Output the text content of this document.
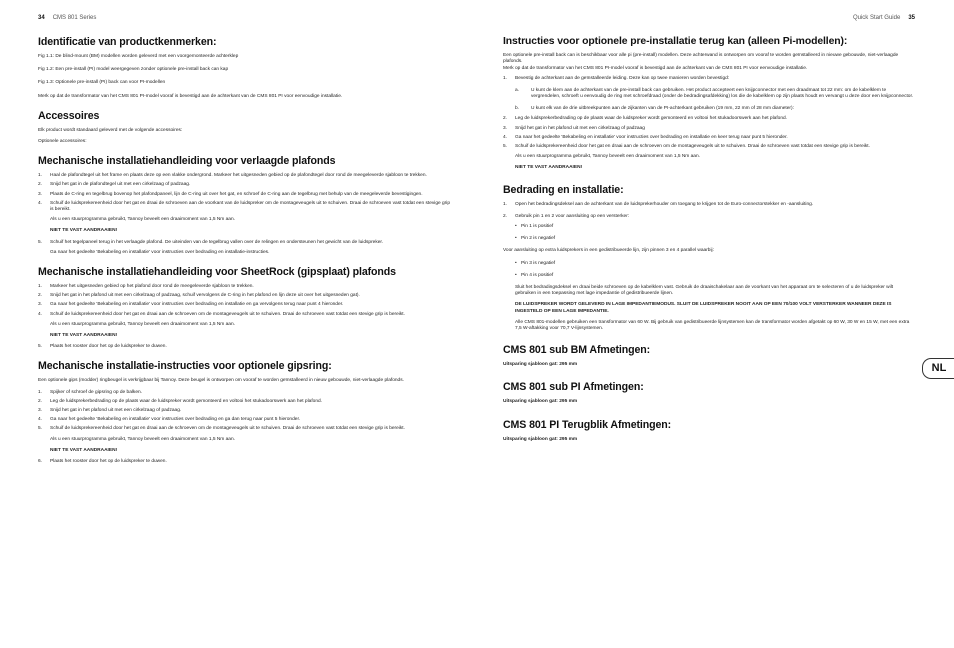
34 CMS 801 Series	Quick Start Guide 35
NL
Identificatie van productkenmerken:

Fig 1.1: De blind-mount (BM) modellen worden geleverd met een voorgemonteerde achterklep

Fig 1.2: Een pre-install (PI) model weergegeven zonder optionele pre-install back can kap

Fig 1.3: Optionele pre-install (PI) back can voor PI-modellen

Merk op dat de transformator van het CMS 801 PI-model vooraf is bevestigd aan de achterkant van de CMS 801 PI voor eenvoudige installatie.

Accessoires

Elk product wordt standaard geleverd met de volgende accessoires:

Optionele accessoires:

Mechanische installatiehandleiding voor verlaagde plafonds
1. Haal de plafondtegel uit het frame en plaats deze op een vlakke ondergrond. Markeer het uitgesneden gebied op de plafondtegel door rond de meegeleverde sjabloon te trekken.
2. Snijd het gat in de plafondtegel uit met een cirkelzaag of padzaag.
3. Plaats de C-ring en tegelbrug bovenop het plafondpaneel, lijn de C-ring uit over het gat, en schroef de C-ring aan de tegelbrug met behulp van de meegeleverde bevestigingen.
4. Schuif de luidsprekereenheid door het gat en draai de schroeven aan de voorkant van de luidspreker om de montageveugels uit te schuiven. Draai de schroeven vast totdat een stevige grip is bereikt.
Als u een stuurprogramma gebruikt, Tannoy beveelt een draaimoment van 1,5 Nm aan.
NIET TE VAST AANDRAAIEN!
5. Schuif het tegelpaneel terug in het verlaagde plafond. De uiteinden van de tegelbrug vallen over de relingen en ondersteunen het gewicht van de luidspreker.
Ga naar het gedeelte 'Bekabeling en installatie' voor instructies over bedrading en installatie-instructies.
Mechanische installatiehandleiding voor SheetRock (gipsplaat) plafonds
1. Markeer het uitgesneden gebied op het plafond door rond de meegeleverde sjabloon te trekken.
2. Snijd het gat in het plafond uit met een cirkelzaag of padzaag, schuif vervolgens de C-ring in het plafond en lijn deze uit over het uitgesneden gat).
3. Ga naar het gedeelte 'Bekabeling en installatie' voor instructies over bedrading en installatie en ga vervolgens terug naar punt 4 hieronder.
4. Schuif de luidsprekereenheid door het gat en draai aan de schroeven om de montageveugels uit te schuiven. Draai de schroeven vast totdat een stevige grip is bereikt.
Als u een stuurprogramma gebruikt, Tannoy beveelt een draaimoment van 1,5 Nm aan.
NIET TE VAST AANDRAAIEN!
5. Plaats het rooster door het op de luidspreker te duwen.
Mechanische installatie-instructies voor optionele gipsring:

Een optionele gips (modder) ringbeugel is verkrijgbaar bij Tannoy. Deze beugel is ontworpen om vooraf te worden geïnstalleerd in nieuw gebouwde, niet-verlaagde plafonds.

1. Spijker of schroef de gipsring op de balken.
2. Leg de luidsprekerbedrading op de plaats waar de luidspreker wordt gemonteerd en voltooi het stukadoorswerk aan het plafond.
3. Snijd het gat in het plafond uit met een cirkelzaag of padzaag.
4. Ga naar het gedeelte 'Bekabeling en installatie' voor instructies over bedrading en ga dan terug naar punt 5 hieronder.
5. Schuif de luidsprekereenheid door het gat en draai aan de schroeven om de montageveugels uit te schuiven. Draai de schroeven vast totdat een stevige grip is bereikt.
Als u een stuurprogramma gebruikt, Tannoy beveelt een draaimoment van 1,5 Nm aan.
NIET TE VAST AANDRAAIEN!
6. Plaats het rooster door het op de luidspreker te duwen.
Instructies voor optionele pre-installatie terug kan (alleen Pi-modellen):

Een optionele pre-install back can is beschikbaar voor alle pi (pre-install) modellen. Deze achterwand is ontworpen om vooraf te worden geïnstalleerd in nieuwe gebouwde, niet-verlaagde plafonds.

Merk op dat de transformator van het CMS 801 PI-model vooraf is bevestigd aan de achterkant van de CMS 801 PI voor eenvoudige installatie.

1. Bevestig de achterkant aan de geïnstalleerde leiding. Deze kan op twee manieren worden bevestigd:
a. U kunt de klem aan de achterkant van de pre-install back can gebruiken. Het product accepteert een knijpconnector met een draadmaat tot 22 mm: om de kabelklem te vergrendelen, schroeft u eenvoudig de ring met schroefdraad (onder de bedradingsafdekking) los die de kabelklem op zijn plaats houdt en vervangt u deze door een knijpconnector.
b. U kunt elk van de drie uitbreekpunten aan de zijkanten van de PI-achterkant gebruiken (19 mm, 22 mm of 28 mm diameter):
2. Leg de luidsprekerbedrading op de plaats waar de luidspreker wordt gemonteerd en voltooi het stukadoorswerk aan het plafond.
3. Snijd het gat in het plafond uit met een cirkelzaag of padzaag
4. Ga naar het gedeelte 'Bekabeling en installatie' voor instructies over bedrading en installatie en keer terug naar punt 5 hieronder.
5. Schuif de luidsprekereenheid door het gat en draai aan de schroeven om de montageveugels uit te schuiven. Draai de schroeven vast totdat een stevige grip is bereikt.
Als u een stuurprogramma gebruikt, Tannoy beveelt een draaimoment van 1,5 Nm aan.
NIET TE VAST AANDRAAIEN!
Bedrading en installatie:
1. Open het bedradingsdeksel aan de achterkant van de luidsprekerhouder om toegang te krijgen tot de Euro-connectorstekker en -aansluiting.
2. Gebruik pin 1 en 2 voor aansluiting op een versterker:
• Pin 1 is positief
• Pin 2 is negatief

Voor aansluiting op extra luidsprekers in een gedistribueerde lijn, zijn pinnen 3 en 4 parallel waarbij:

• Pin 3 is negatief
• Pin 4 is positief
Sluit het bedradingsdeksel en draai beide schroeven op de kabelklem vast. Gebruik de draaischakelaar aan de voorkant van het apparaat om te selecteren of u de luidspreker wilt gebruiken in een toepassing met lage impedantie of gedistribueerde lijnen.
DE LUIDSPREKER WORDT GELEVERD IN LAGE IMPEDANTIEMODUS. SLUIT DE LUIDSPREKER NOOIT AAN OP EEN 70/100 VOLT VERSTERKER WANNEER DEZE IS INGESTELD OP EEN LAGE IMPEDANTIE.
Alle CMS 801-modellen gebruiken een transformator van 60 W. Bij gebruik van gedistribueerde lijnsystemen kan de transformator worden afgetakt op 60 W, 30 W en 15 W, met een extra 7,5 W-aftakking voor 70,7 V-lijnsystemen.
CMS 801 sub BM Afmetingen:

Uitsparing sjabloon gat: 295 mm

CMS 801 sub PI Afmetingen:

Uitsparing sjabloon gat: 295 mm

CMS 801 PI Terugblik Afmetingen:

Uitsparing sjabloon gat: 295 mm
